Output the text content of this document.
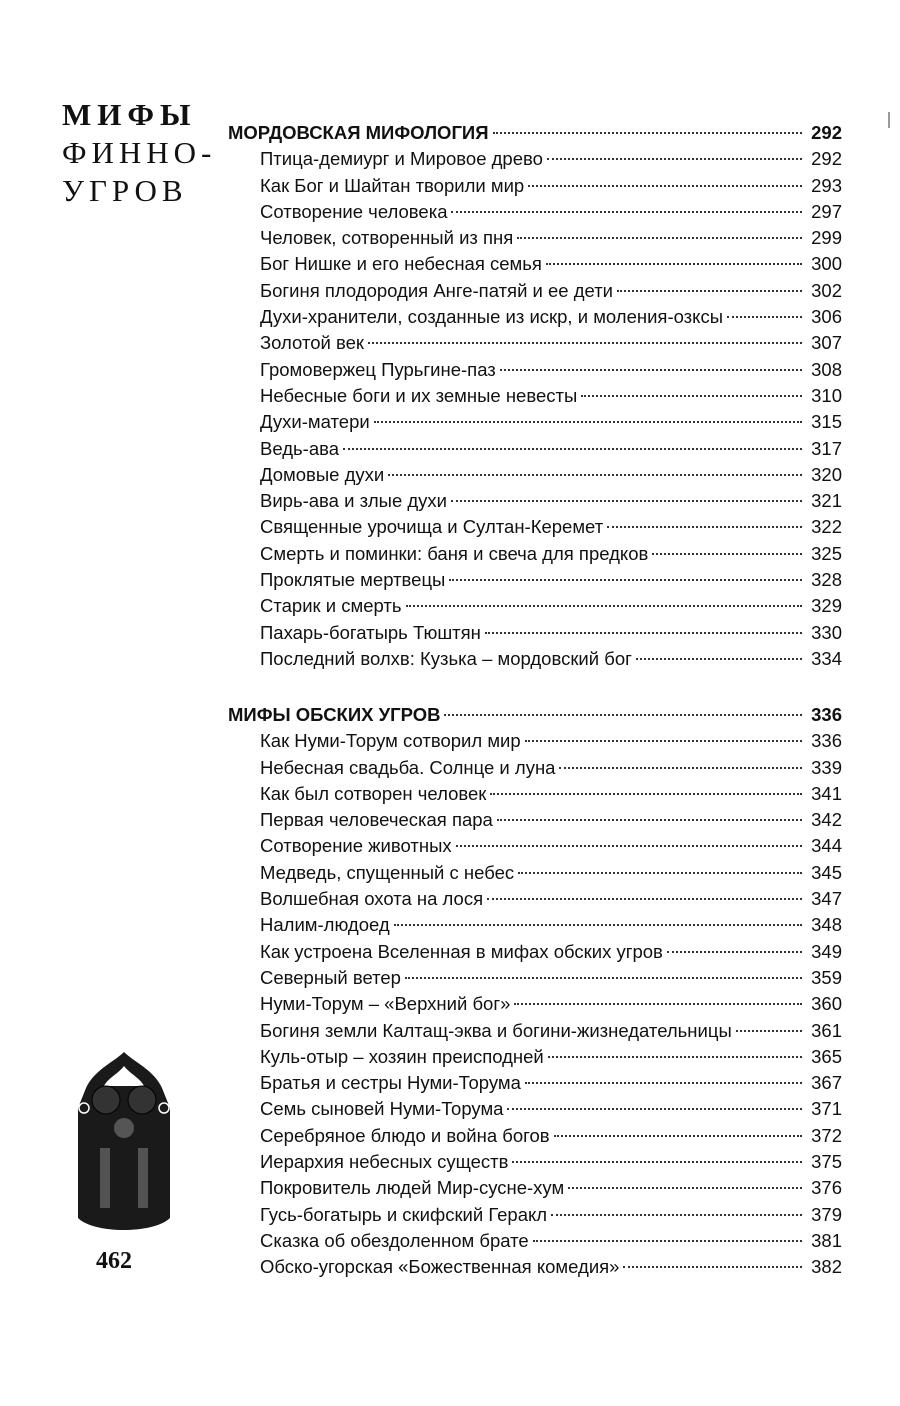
МИФЫ
ФИННО-
УГРОВ
МОРДОВСКАЯ МИФОЛОГИЯ	292
Птица-демиург и Мировое древо	292
Как Бог и Шайтан творили мир	293
Сотворение человека	297
Человек, сотворенный из пня	299
Бог Нишке и его небесная семья	300
Богиня плодородия Анге-патяй и ее дети	302
Духи-хранители, созданные из искр, и моления-озксы	306
Золотой век	307
Громовержец Пурьгине-паз	308
Небесные боги и их земные невесты	310
Духи-матери	315
Ведь-ава	317
Домовые духи	320
Вирь-ава и злые духи	321
Священные урочища и Султан-Керемет	322
Смерть и поминки: баня и свеча для предков	325
Проклятые мертвецы	328
Старик и смерть	329
Пахарь-богатырь Тюштян	330
Последний волхв: Кузька – мордовский бог	334
МИФЫ ОБСКИХ УГРОВ	336
Как Нуми-Торум сотворил мир	336
Небесная свадьба. Солнце и луна	339
Как был сотворен человек	341
Первая человеческая пара	342
Сотворение животных	344
Медведь, спущенный с небес	345
Волшебная охота на лося	347
Налим-людоед	348
Как устроена Вселенная в мифах обских угров	349
Северный ветер	359
Нуми-Торум – «Верхний бог»	360
Богиня земли Калтащ-эква и богини-жизнедательницы	361
Куль-отыр – хозяин преисподней	365
Братья и сестры Нуми-Торума	367
Семь сыновей Нуми-Торума	371
Серебряное блюдо и война богов	372
Иерархия небесных существ	375
Покровитель людей Мир-сусне-хум	376
Гусь-богатырь и скифский Геракл	379
Сказка об обездоленном брате	381
Обско-угорская «Божественная комедия»	382
462
